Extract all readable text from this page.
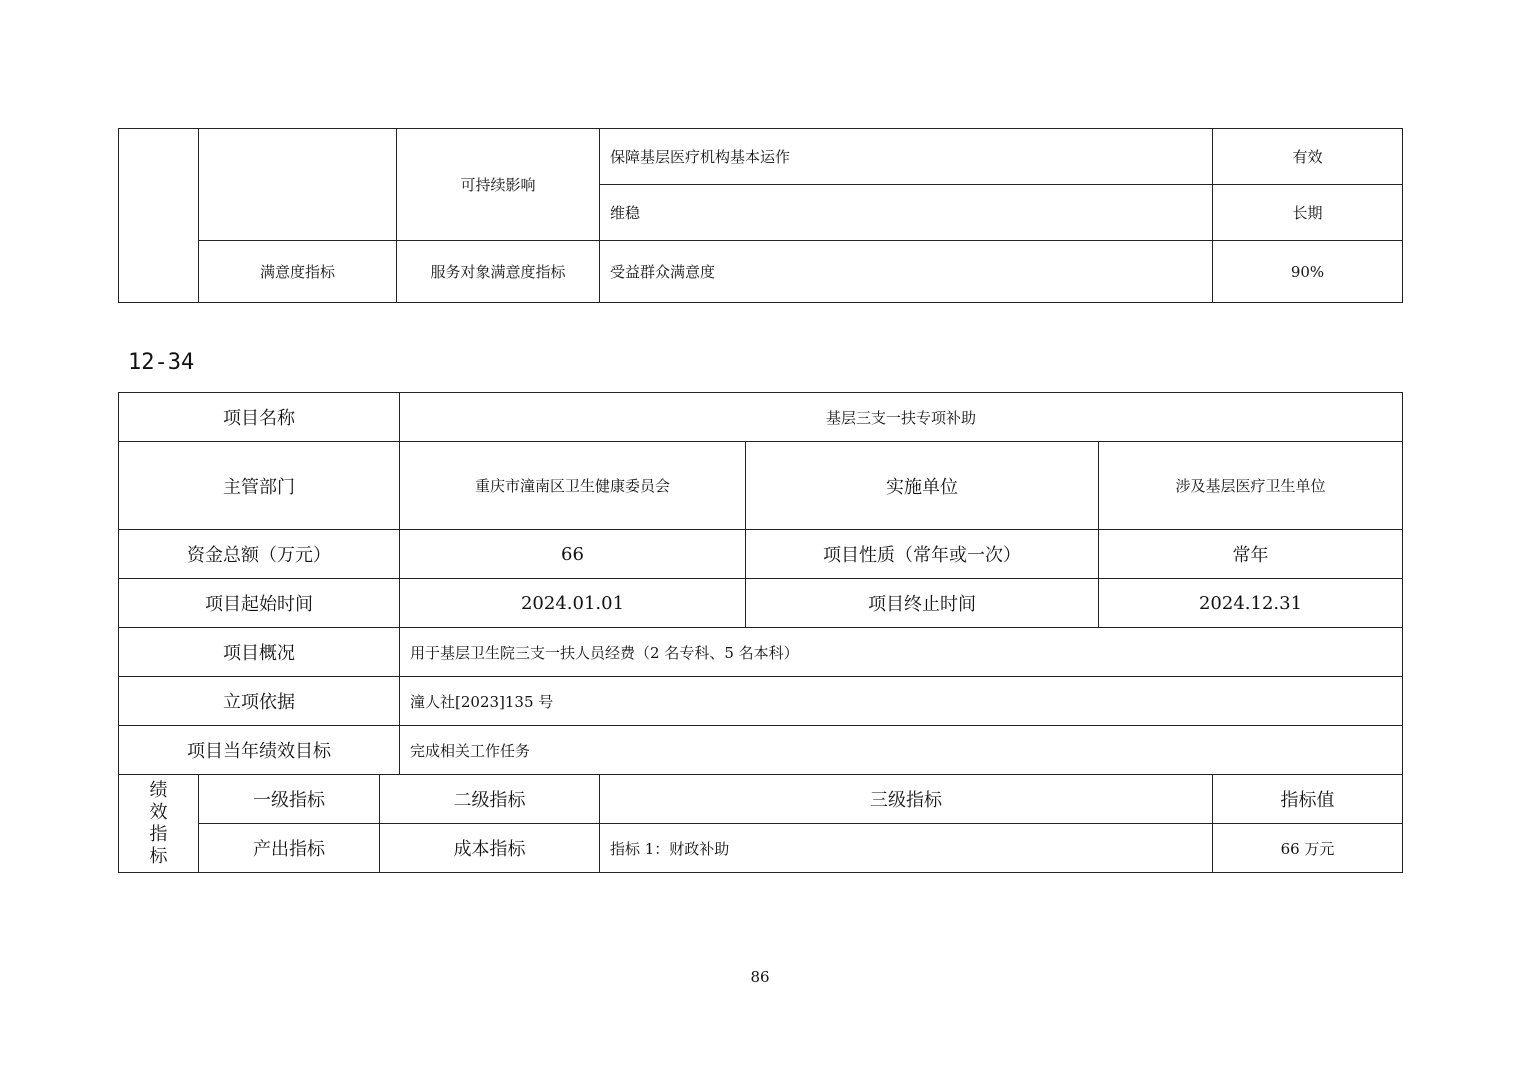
		可持续影响	保障基层医疗机构基本运作	有效
			维稳	长期
	满意度指标	服务对象满意度指标	受益群众满意度	90%
12-34
项目名称	基层三支一扶专项补助		
主管部门	重庆市潼南区卫生健康委员会	实施单位	涉及基层医疗卫生单位
资金总额（万元）	66	项目性质（常年或一次）	常年
项目起始时间	2024.01.01	项目终止时间	2024.12.31
项目概况	用于基层卫生院三支一扶人员经费（2 名专科、5 名本科）		
立项依据	潼人社[2023]135 号		
项目当年绩效目标	完成相关工作任务		
绩
效
指
标	一级指标	二级指标	三级指标	指标值
	产出指标	成本指标	指标 1：财政补助	66 万元
86
